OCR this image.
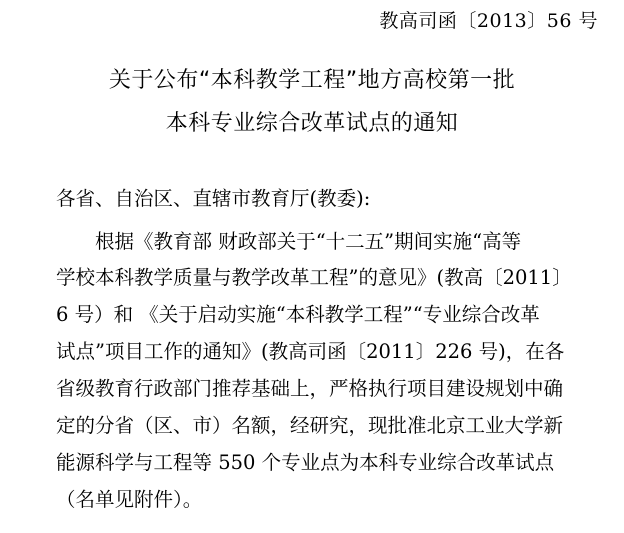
教高司函〔2013〕56 号
关于公布“本科教学工程”地方高校第一批
本科专业综合改革试点的通知
各省、自治区、直辖市教育厅(教委):
根据《教育部 财政部关于“十二五”期间实施“高等
学校本科教学质量与教学改革工程”的意见》(教高〔2011〕
6 号）和 《关于启动实施“本科教学工程”“专业综合改革
试点”项目工作的通知》(教高司函〔2011〕226 号)，在各
省级教育行政部门推荐基础上，严格执行项目建设规划中确
定的分省（区、市）名额，经研究，现批准北京工业大学新
能源科学与工程等 550 个专业点为本科专业综合改革试点
（名单见附件）。
